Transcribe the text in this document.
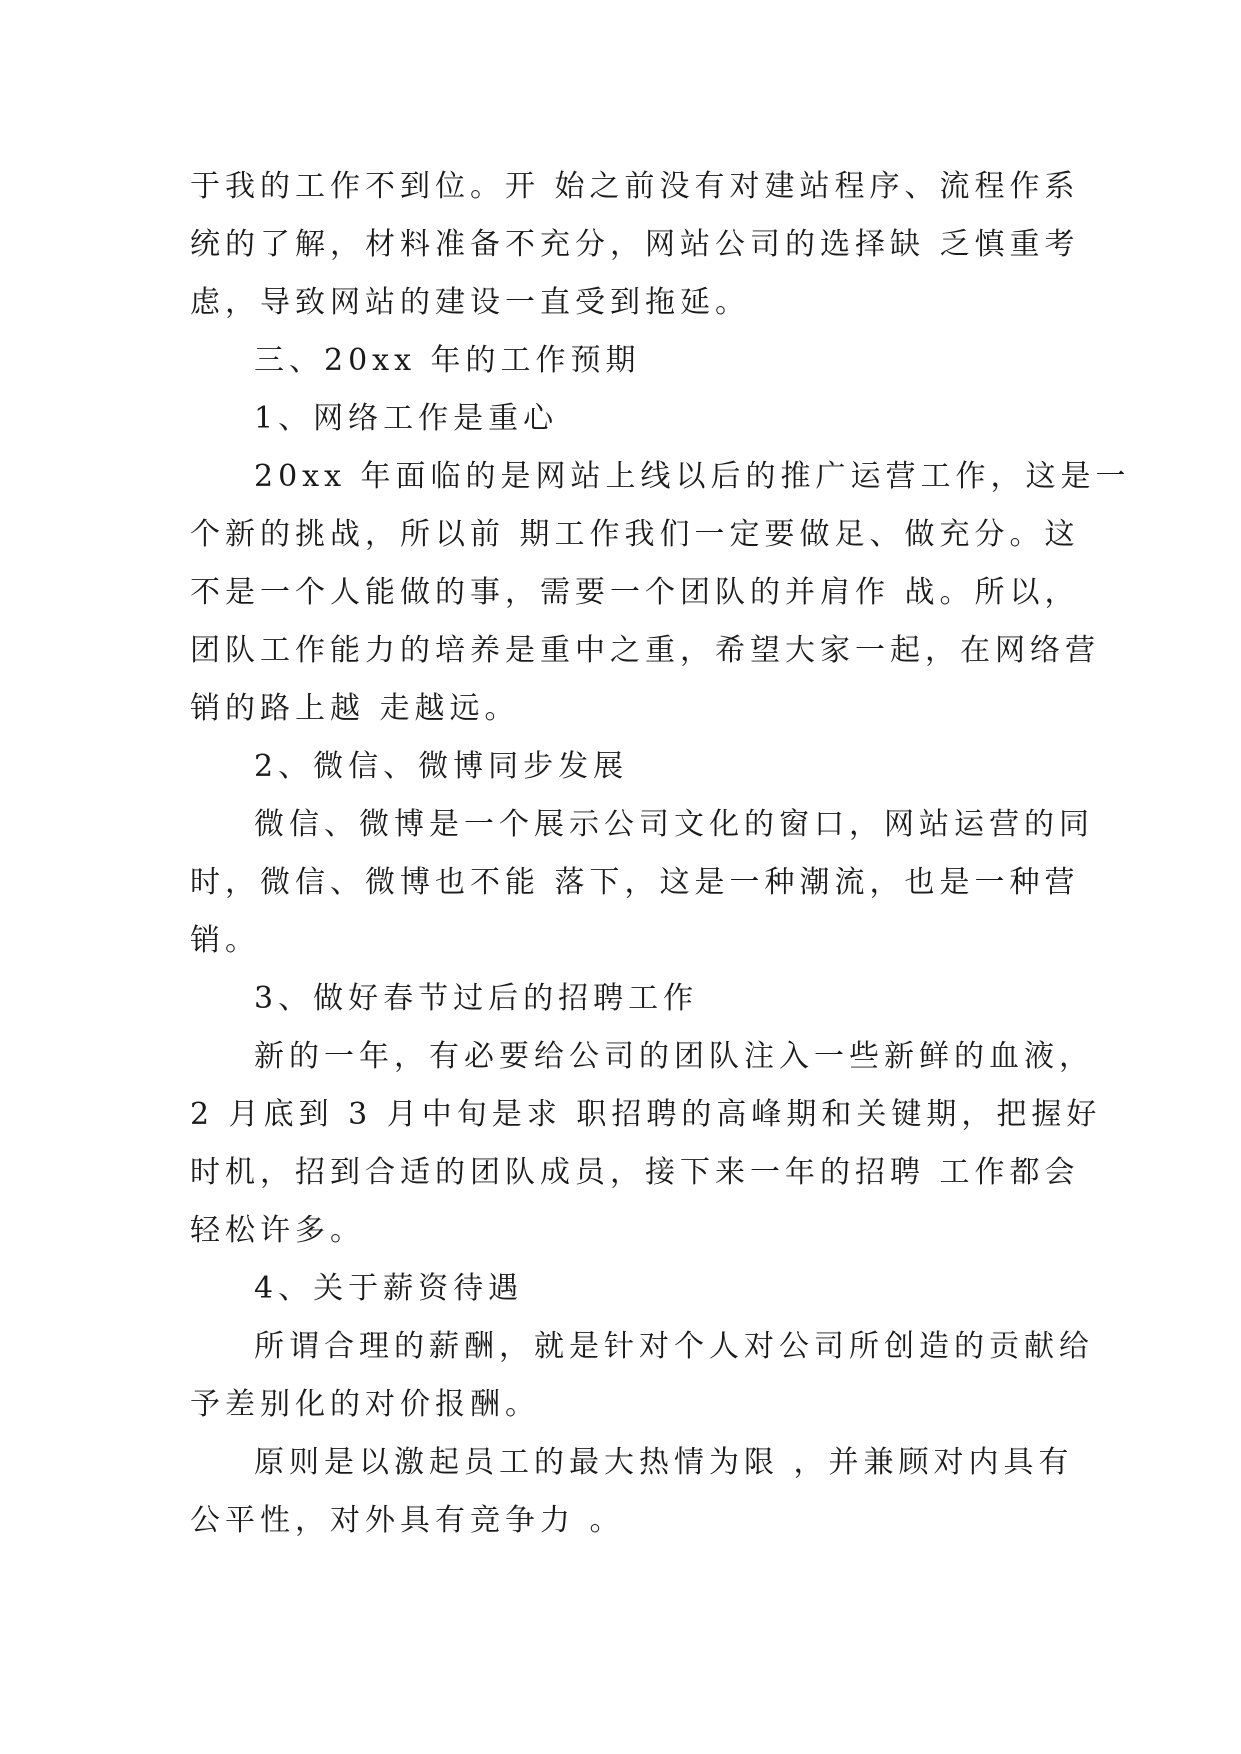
于我的工作不到位。开 始之前没有对建站程序、流程作系
统的了解，材料准备不充分，网站公司的选择缺 乏慎重考
虑，导致网站的建设一直受到拖延。
三、20xx 年的工作预期
1、网络工作是重心
20xx 年面临的是网站上线以后的推广运营工作，这是一
个新的挑战，所以前 期工作我们一定要做足、做充分。这
不是一个人能做的事，需要一个团队的并肩作 战。所以，
团队工作能力的培养是重中之重，希望大家一起，在网络营
销的路上越 走越远。
2、微信、微博同步发展
微信、微博是一个展示公司文化的窗口，网站运营的同
时，微信、微博也不能 落下，这是一种潮流，也是一种营
销。
3、做好春节过后的招聘工作
新的一年，有必要给公司的团队注入一些新鲜的血液，
2 月底到 3 月中旬是求 职招聘的高峰期和关键期，把握好
时机，招到合适的团队成员，接下来一年的招聘 工作都会
轻松许多。
4、关于薪资待遇
所谓合理的薪酬，就是针对个人对公司所创造的贡献给
予差别化的对价报酬。
原则是以激起员工的最大热情为限 ，并兼顾对内具有
公平性，对外具有竞争力 。
